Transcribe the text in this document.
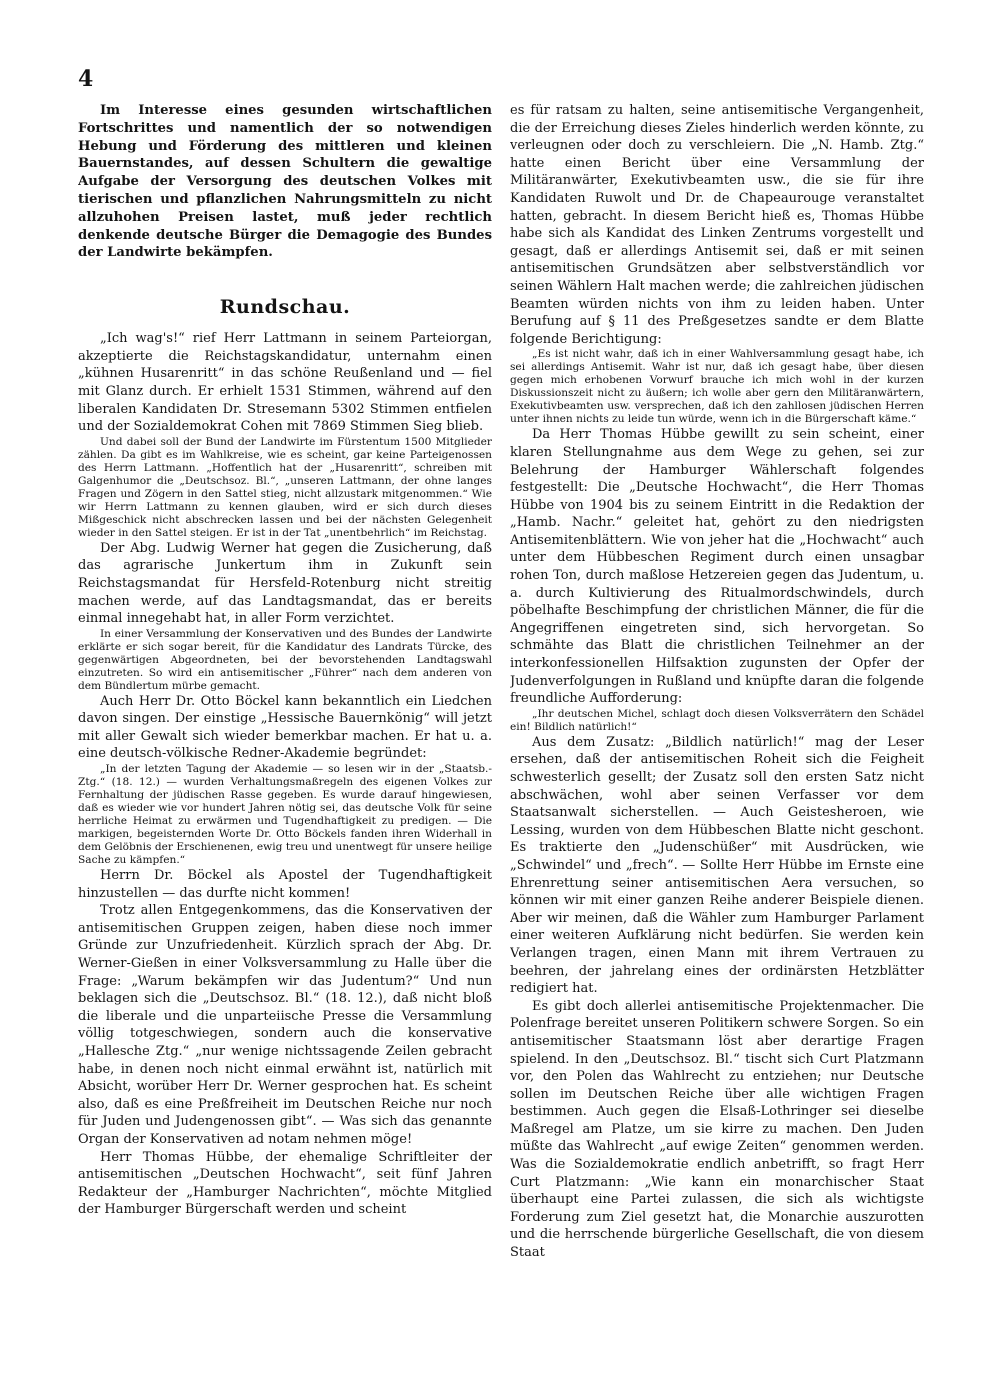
4

Im Interesse eines gesunden wirtschaftlichen Fortschrittes und namentlich der so notwendigen Hebung und Förderung des mittleren und kleinen Bauernstandes, auf dessen Schultern die gewaltige Aufgabe der Versorgung des deutschen Volkes mit tierischen und pflanzlichen Nahrungsmitteln zu nicht allzuhohen Preisen lastet, muß jeder rechtlich denkende deutsche Bürger die Demagogie des Bundes der Landwirte bekämpfen.

Rundschau.

„Ich wag's!“ rief Herr Lattmann in seinem Parteiorgan, akzeptierte die Reichstagskandidatur, unternahm einen „kühnen Husarenritt“ in das schöne Reußenland und — fiel mit Glanz durch. Er erhielt 1531 Stimmen, während auf den liberalen Kandidaten Dr. Stresemann 5302 Stimmen entfielen und der Sozialdemokrat Cohen mit 7869 Stimmen Sieg blieb.

Und dabei soll der Bund der Landwirte im Fürstentum 1500 Mitglieder zählen. Da gibt es im Wahlkreise, wie es scheint, gar keine Parteigenossen des Herrn Lattmann. „Hoffentlich hat der „Husarenritt“, schreiben mit Galgenhumor die „Deutschsoz. Bl.“, „unseren Lattmann, der ohne langes Fragen und Zögern in den Sattel stieg, nicht allzustark mitgenommen.“ Wie wir Herrn Lattmann zu kennen glauben, wird er sich durch dieses Mißgeschick nicht abschrecken lassen und bei der nächsten Gelegenheit wieder in den Sattel steigen. Er ist in der Tat „unentbehrlich“ im Reichstag.

Der Abg. Ludwig Werner hat gegen die Zusicherung, daß das agrarische Junkertum ihm in Zukunft sein Reichstagsmandat für Hersfeld-Rotenburg nicht streitig machen werde, auf das Landtagsmandat, das er bereits einmal innegehabt hat, in aller Form verzichtet.

In einer Versammlung der Konservativen und des Bundes der Landwirte erklärte er sich sogar bereit, für die Kandidatur des Landrats Türcke, des gegenwärtigen Abgeordneten, bei der bevorstehenden Landtagswahl einzutreten. So wird ein antisemitischer „Führer“ nach dem anderen von dem Bündlertum mürbe gemacht.

Auch Herr Dr. Otto Böckel kann bekanntlich ein Liedchen davon singen. Der einstige „Hessische Bauernkönig“ will jetzt mit aller Gewalt sich wieder bemerkbar machen. Er hat u. a. eine deutsch-völkische Redner-Akademie begründet:

„In der letzten Tagung der Akademie — so lesen wir in der „Staatsb.-Ztg.“ (18. 12.) — wurden Verhaltungsmaßregeln des eigenen Volkes zur Fernhaltung der jüdischen Rasse gegeben. Es wurde darauf hingewiesen, daß es wieder wie vor hundert Jahren nötig sei, das deutsche Volk für seine herrliche Heimat zu erwärmen und Tugendhaftigkeit zu predigen. — Die markigen, begeisternden Worte Dr. Otto Böckels fanden ihren Widerhall in dem Gelöbnis der Erschienenen, ewig treu und unentwegt für unsere heilige Sache zu kämpfen.“

Herrn Dr. Böckel als Apostel der Tugendhaftigkeit hinzustellen — das durfte nicht kommen!

Trotz allen Entgegenkommens, das die Konservativen der antisemitischen Gruppen zeigen, haben diese noch immer Gründe zur Unzufriedenheit. Kürzlich sprach der Abg. Dr. Werner-Gießen in einer Volksversammlung zu Halle über die Frage: „Warum bekämpfen wir das Judentum?“ Und nun beklagen sich die „Deutschsoz. Bl.“ (18. 12.), daß nicht bloß die liberale und die unparteiische Presse die Versammlung völlig totgeschwiegen, sondern auch die konservative „Hallesche Ztg.“ „nur wenige nichtssagende Zeilen gebracht habe, in denen noch nicht einmal erwähnt ist, natürlich mit Absicht, worüber Herr Dr. Werner gesprochen hat. Es scheint also, daß es eine Preßfreiheit im Deutschen Reiche nur noch für Juden und Judengenossen gibt“. — Was sich das genannte Organ der Konservativen ad notam nehmen möge!

Herr Thomas Hübbe, der ehemalige Schriftleiter der antisemitischen „Deutschen Hochwacht“, seit fünf Jahren Redakteur der „Hamburger Nachrichten“, möchte Mitglied der Hamburger Bürgerschaft werden und scheint

es für ratsam zu halten, seine antisemitische Vergangenheit, die der Erreichung dieses Zieles hinderlich werden könnte, zu verleugnen oder doch zu verschleiern. Die „N. Hamb. Ztg.“ hatte einen Bericht über eine Versammlung der Militäranwärter, Exekutivbeamten usw., die sie für ihre Kandidaten Ruwolt und Dr. de Chapeaurouge veranstaltet hatten, gebracht. In diesem Bericht hieß es, Thomas Hübbe habe sich als Kandidat des Linken Zentrums vorgestellt und gesagt, daß er allerdings Antisemit sei, daß er mit seinen antisemitischen Grundsätzen aber selbstverständlich vor seinen Wählern Halt machen werde; die zahlreichen jüdischen Beamten würden nichts von ihm zu leiden haben. Unter Berufung auf § 11 des Preßgesetzes sandte er dem Blatte folgende Berichtigung:

„Es ist nicht wahr, daß ich in einer Wahlversammlung gesagt habe, ich sei allerdings Antisemit. Wahr ist nur, daß ich gesagt habe, über diesen gegen mich erhobenen Vorwurf brauche ich mich wohl in der kurzen Diskussionszeit nicht zu äußern; ich wolle aber gern den Militäranwärtern, Exekutivbeamten usw. versprechen, daß ich den zahllosen jüdischen Herren unter ihnen nichts zu leide tun würde, wenn ich in die Bürgerschaft käme.“

Da Herr Thomas Hübbe gewillt zu sein scheint, einer klaren Stellungnahme aus dem Wege zu gehen, sei zur Belehrung der Hamburger Wählerschaft folgendes festgestellt: Die „Deutsche Hochwacht“, die Herr Thomas Hübbe von 1904 bis zu seinem Eintritt in die Redaktion der „Hamb. Nachr.“ geleitet hat, gehört zu den niedrigsten Antisemitenblättern. Wie von jeher hat die „Hochwacht“ auch unter dem Hübbeschen Regiment durch einen unsagbar rohen Ton, durch maßlose Hetzereien gegen das Judentum, u. a. durch Kultivierung des Ritualmordschwindels, durch pöbelhafte Beschimpfung der christlichen Männer, die für die Angegriffenen eingetreten sind, sich hervorgetan. So schmähte das Blatt die christlichen Teilnehmer an der interkonfessionellen Hilfsaktion zugunsten der Opfer der Judenverfolgungen in Rußland und knüpfte daran die folgende freundliche Aufforderung:

„Ihr deutschen Michel, schlagt doch diesen Volksverrätern den Schädel ein! Bildlich natürlich!“

Aus dem Zusatz: „Bildlich natürlich!“ mag der Leser ersehen, daß der antisemitischen Roheit sich die Feigheit schwesterlich gesellt; der Zusatz soll den ersten Satz nicht abschwächen, wohl aber seinen Verfasser vor dem Staatsanwalt sicherstellen. — Auch Geistesheroen, wie Lessing, wurden von dem Hübbeschen Blatte nicht geschont. Es traktierte den „Judenschüßer“ mit Ausdrücken, wie „Schwindel“ und „frech“. — Sollte Herr Hübbe im Ernste eine Ehrenrettung seiner antisemitischen Aera versuchen, so können wir mit einer ganzen Reihe anderer Beispiele dienen. Aber wir meinen, daß die Wähler zum Hamburger Parlament einer weiteren Aufklärung nicht bedürfen. Sie werden kein Verlangen tragen, einen Mann mit ihrem Vertrauen zu beehren, der jahrelang eines der ordinärsten Hetzblätter redigiert hat.

Es gibt doch allerlei antisemitische Projektenmacher. Die Polenfrage bereitet unseren Politikern schwere Sorgen. So ein antisemitischer Staatsmann löst aber derartige Fragen spielend. In den „Deutschsoz. Bl.“ tischt sich Curt Platzmann vor, den Polen das Wahlrecht zu entziehen; nur Deutsche sollen im Deutschen Reiche über alle wichtigen Fragen bestimmen. Auch gegen die Elsaß-Lothringer sei dieselbe Maßregel am Platze, um sie kirre zu machen. Den Juden müßte das Wahlrecht „auf ewige Zeiten“ genommen werden. Was die Sozialdemokratie endlich anbetrifft, so fragt Herr Curt Platzmann: „Wie kann ein monarchischer Staat überhaupt eine Partei zulassen, die sich als wichtigste Forderung zum Ziel gesetzt hat, die Monarchie auszurotten und die herrschende bürgerliche Gesellschaft, die von diesem Staat
